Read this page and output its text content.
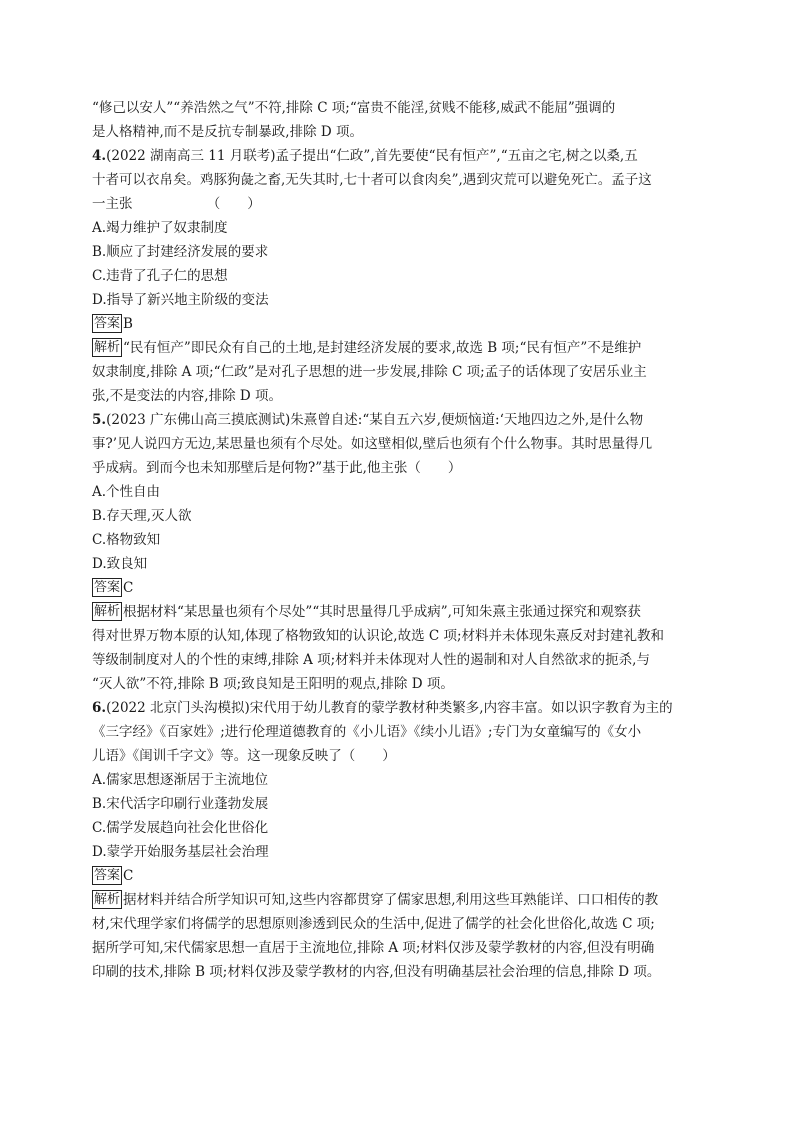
“修己以安人”“养浩然之气”不符,排除 C 项;“富贵不能淫,贫贱不能移,威武不能屈”强调的
是人格精神,而不是反抗专制暴政,排除 D 项。
4.(2022 湖南高三 11 月联考)孟子提出“仁政”,首先要使“民有恒产”,“五亩之宅,树之以桑,五
十者可以衣帛矣。鸡豚狗彘之畜,无失其时,七十者可以食肉矣”,遇到灾荒可以避免死亡。孟子这
一主张　　　　　　（　　）
A.竭力维护了奴隶制度
B.顺应了封建经济发展的要求
C.违背了孔子仁的思想
D.指导了新兴地主阶级的变法
答案 B
解析 “民有恒产”即民众有自己的土地,是封建经济发展的要求,故选 B 项;“民有恒产”不是维护
奴隶制度,排除 A 项;“仁政”是对孔子思想的进一步发展,排除 C 项;孟子的话体现了安居乐业主
张,不是变法的内容,排除 D 项。
5.(2023 广东佛山高三摸底测试)朱熹曾自述:“某自五六岁,便烦恼道:‘天地四边之外,是什么物
事?’见人说四方无边,某思量也须有个尽处。如这壁相似,壁后也须有个什么物事。其时思量得几
乎成病。到而今也未知那壁后是何物?”基于此,他主张（　　）
A.个性自由
B.存天理,灭人欲
C.格物致知
D.致良知
答案 C
解析 根据材料“某思量也须有个尽处”“其时思量得几乎成病”,可知朱熹主张通过探究和观察获
得对世界万物本原的认知,体现了格物致知的认识论,故选 C 项;材料并未体现朱熹反对封建礼教和
等级制制度对人的个性的束缚,排除 A 项;材料并未体现对人性的遏制和对人自然欲求的扼杀,与
“灭人欲”不符,排除 B 项;致良知是王阳明的观点,排除 D 项。
6.(2022 北京门头沟模拟)宋代用于幼儿教育的蒙学教材种类繁多,内容丰富。如以识字教育为主的
《三字经》《百家姓》;进行伦理道德教育的《小儿语》《续小儿语》;专门为女童编写的《女小
儿语》《闺训千字文》等。这一现象反映了（　　）
A.儒家思想逐渐居于主流地位
B.宋代活字印刷行业蓬勃发展
C.儒学发展趋向社会化世俗化
D.蒙学开始服务基层社会治理
答案 C
解析 据材料并结合所学知识可知,这些内容都贯穿了儒家思想,利用这些耳熟能详、口口相传的教
材,宋代理学家们将儒学的思想原则渗透到民众的生活中,促进了儒学的社会化世俗化,故选 C 项;
据所学可知,宋代儒家思想一直居于主流地位,排除 A 项;材料仅涉及蒙学教材的内容,但没有明确
印刷的技术,排除 B 项;材料仅涉及蒙学教材的内容,但没有明确基层社会治理的信息,排除 D 项。
